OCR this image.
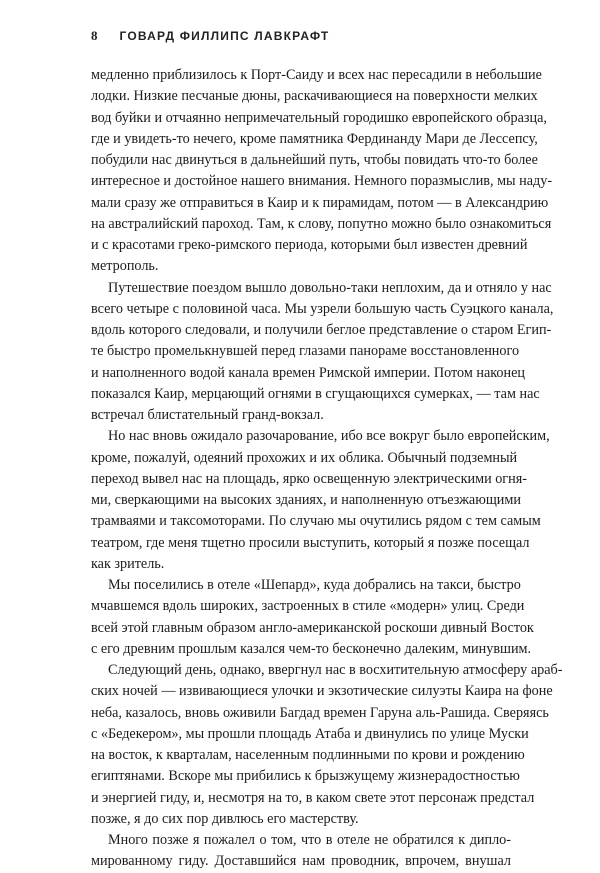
8 ГОВАРД ФИЛЛИПС ЛАВКРАФТ
медленно приблизилось к Порт-Саиду и всех нас пересадили в небольшие
лодки. Низкие песчаные дюны, раскачивающиеся на поверхности мелких
вод буйки и отчаянно непримечательный городишко европейского образца,
где и увидеть-то нечего, кроме памятника Фердинанду Мари де Лессепсу,
побудили нас двинуться в дальнейший путь, чтобы повидать что-то более
интересное и достойное нашего внимания. Немного поразмыслив, мы наду-
мали сразу же отправиться в Каир и к пирамидам, потом — в Александрию
на австралийский пароход. Там, к слову, попутно можно было ознакомиться
и с красотами греко-римского периода, которыми был известен древний
метрополь.
Путешествие поездом вышло довольно-таки неплохим, да и отняло у нас
всего четыре с половиной часа. Мы узрели большую часть Суэцкого канала,
вдоль которого следовали, и получили беглое представление о старом Егип-
те быстро промелькнувшей перед глазами панораме восстановленного
и наполненного водой канала времен Римской империи. Потом наконец
показался Каир, мерцающий огнями в сгущающихся сумерках, — там нас
встречал блистательный гранд-вокзал.
Но нас вновь ожидало разочарование, ибо все вокруг было европейским,
кроме, пожалуй, одеяний прохожих и их облика. Обычный подземный
переход вывел нас на площадь, ярко освещенную электрическими огня-
ми, сверкающими на высоких зданиях, и наполненную отъезжающими
трамваями и таксомоторами. По случаю мы очутились рядом с тем самым
театром, где меня тщетно просили выступить, который я позже посещал
как зритель.
Мы поселились в отеле «Шепард», куда добрались на такси, быстро
мчавшемся вдоль широких, застроенных в стиле «модерн» улиц. Среди
всей этой главным образом англо-американской роскоши дивный Восток
с его древним прошлым казался чем-то бесконечно далеким, минувшим.
Следующий день, однако, ввергнул нас в восхитительную атмосферу араб-
ских ночей — извивающиеся улочки и экзотические силуэты Каира на фоне
неба, казалось, вновь оживили Багдад времен Гаруна аль-Рашида. Сверяясь
с «Бедекером», мы прошли площадь Атаба и двинулись по улице Муски
на восток, к кварталам, населенным подлинными по крови и рождению
египтянами. Вскоре мы прибились к брызжущему жизнерадостностью
и энергией гиду, и, несмотря на то, в каком свете этот персонаж предстал
позже, я до сих пор дивлюсь его мастерству.
Много позже я пожалел о том, что в отеле не обратился к дипло-
мированному гиду. Доставшийся нам проводник, впрочем, внушал
